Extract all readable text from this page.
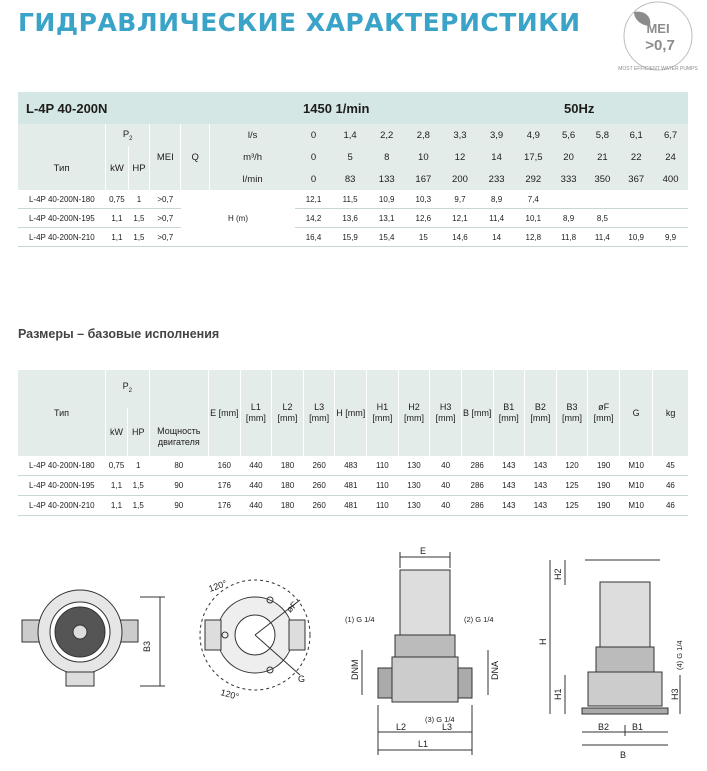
ГИДРАВЛИЧЕСКИЕ ХАРАКТЕРИСТИКИ	MEI
>0,7
MOST EFFICIENT WATER PUMPS
L-4P 40-200N	1450 1/min	50Hz
Тип	$P_2$		MEI	Q	l/s	0	1,4	2,2	2,8	3,3	3,9	4,9	5,6	5,8	6,1	6,7
	kW	HP			m³/h	0	5	8	10	12	14	17,5	20	21	22	24
					l/min	0	83	133	167	200	233	292	333	350	367	400
L-4P 40-200N-180	0,75	1	>0,7	H (m)		12,1	11,5	10,9	10,3	9,7	8,9	7,4				
L-4P 40-200N-195	1,1	1,5	>0,7			14,2	13,6	13,1	12,6	12,1	11,4	10,1	8,9	8,5		
L-4P 40-200N-210	1,1	1,5	>0,7			16,4	15,9	15,4	15	14,6	14	12,8	11,8	11,4	10,9	9,9
Размеры – базовые исполнения
Тип	$P_2$		Мощность двигателя	E [mm]	L1 [mm]	L2 [mm]	L3 [mm]	H [mm]	H1 [mm]	H2 [mm]	H3 [mm]	B [mm]	B1 [mm]	B2 [mm]	B3 [mm]	øF [mm]	G	kg
	kW	HP																
L-4P 40-200N-180	0,75	1	80	160	440	180	260	483	110	130	40	286	143	143	120	190	M10	45
L-4P 40-200N-195	1,1	1,5	90	176	440	180	260	481	110	130	40	286	143	143	125	190	M10	46
L-4P 40-200N-210	1,1	1,5	90	176	440	180	260	481	110	130	40	286	143	143	125	190	M10	46
B3
120°
120°
øF
G
E
(1) G 1/4	(2) G 1/4
(3) G 1/4
(4) G 1/4
DNM	DNA
L1
L2	L3
H
H1
H2
H3
B
B1
B2
